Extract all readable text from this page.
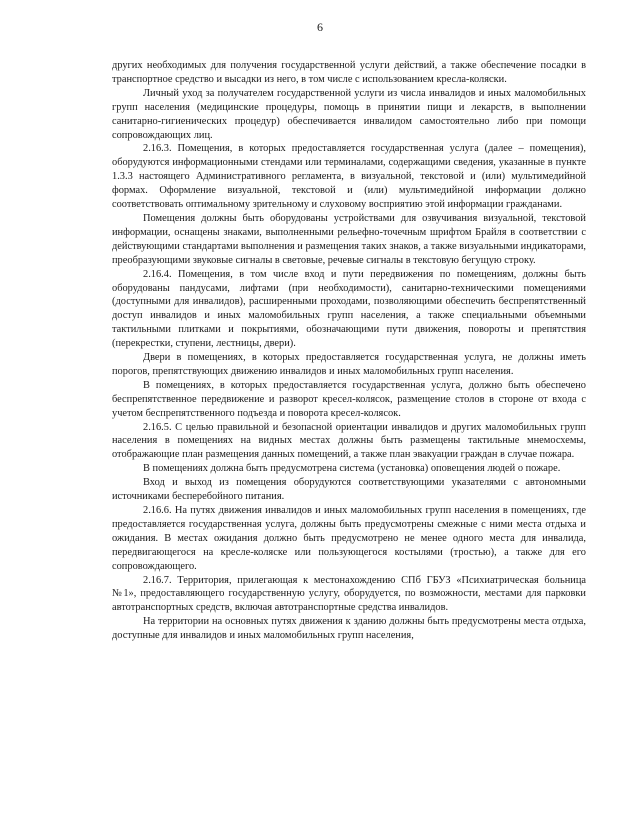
6

других необходимых для получения государственной услуги действий, а также обеспечение посадки в транспортное средство и высадки из него, в том числе с использованием кресла-коляски.

Личный уход за получателем государственной услуги из числа инвалидов и иных маломобильных групп населения (медицинские процедуры, помощь в принятии пищи и лекарств, в выполнении санитарно-гигиенических процедур) обеспечивается инвалидом самостоятельно либо при помощи сопровождающих лиц.

2.16.3. Помещения, в которых предоставляется государственная услуга (далее – помещения), оборудуются информационными стендами или терминалами, содержащими сведения, указанные в пункте 1.3.3 настоящего Административного регламента, в визуальной, текстовой и (или) мультимедийной формах. Оформление визуальной, текстовой и (или) мультимедийной информации должно соответствовать оптимальному зрительному и слуховому восприятию этой информации гражданами.

Помещения должны быть оборудованы устройствами для озвучивания визуальной, текстовой информации, оснащены знаками, выполненными рельефно-точечным шрифтом Брайля в соответствии с действующими стандартами выполнения и размещения таких знаков, а также визуальными индикаторами, преобразующими звуковые сигналы в световые, речевые сигналы в текстовую бегущую строку.

2.16.4. Помещения, в том числе вход и пути передвижения по помещениям, должны быть оборудованы пандусами, лифтами (при необходимости), санитарно-техническими помещениями (доступными для инвалидов), расширенными проходами, позволяющими обеспечить беспрепятственный доступ инвалидов и иных маломобильных групп населения, а также специальными объемными тактильными плитками и покрытиями, обозначающими пути движения, повороты и препятствия (перекрестки, ступени, лестницы, двери).

Двери в помещениях, в которых предоставляется государственная услуга, не должны иметь порогов, препятствующих движению инвалидов и иных маломобильных групп населения.

В помещениях, в которых предоставляется государственная услуга, должно быть обеспечено беспрепятственное передвижение и разворот кресел-колясок, размещение столов в стороне от входа с учетом беспрепятственного подъезда и поворота кресел-колясок.

2.16.5. С целью правильной и безопасной ориентации инвалидов и других маломобильных групп населения в помещениях на видных местах должны быть размещены тактильные мнемосхемы, отображающие план размещения данных помещений, а также план эвакуации граждан в случае пожара.

В помещениях должна быть предусмотрена система (установка) оповещения людей о пожаре.

Вход и выход из помещения оборудуются соответствующими указателями с автономными источниками бесперебойного питания.

2.16.6. На путях движения инвалидов и иных маломобильных групп населения в помещениях, где предоставляется государственная услуга, должны быть предусмотрены смежные с ними места отдыха и ожидания. В местах ожидания должно быть предусмотрено не менее одного места для инвалида, передвигающегося на кресле-коляске или пользующегося костылями (тростью), а также для его сопровождающего.

2.16.7. Территория, прилегающая к местонахождению СПб ГБУЗ «Психиатрическая больница №1», предоставляющего государственную услугу, оборудуется, по возможности, местами для парковки автотранспортных средств, включая автотранспортные средства инвалидов.

На территории на основных путях движения к зданию должны быть предусмотрены места отдыха, доступные для инвалидов и иных маломобильных групп населения,
